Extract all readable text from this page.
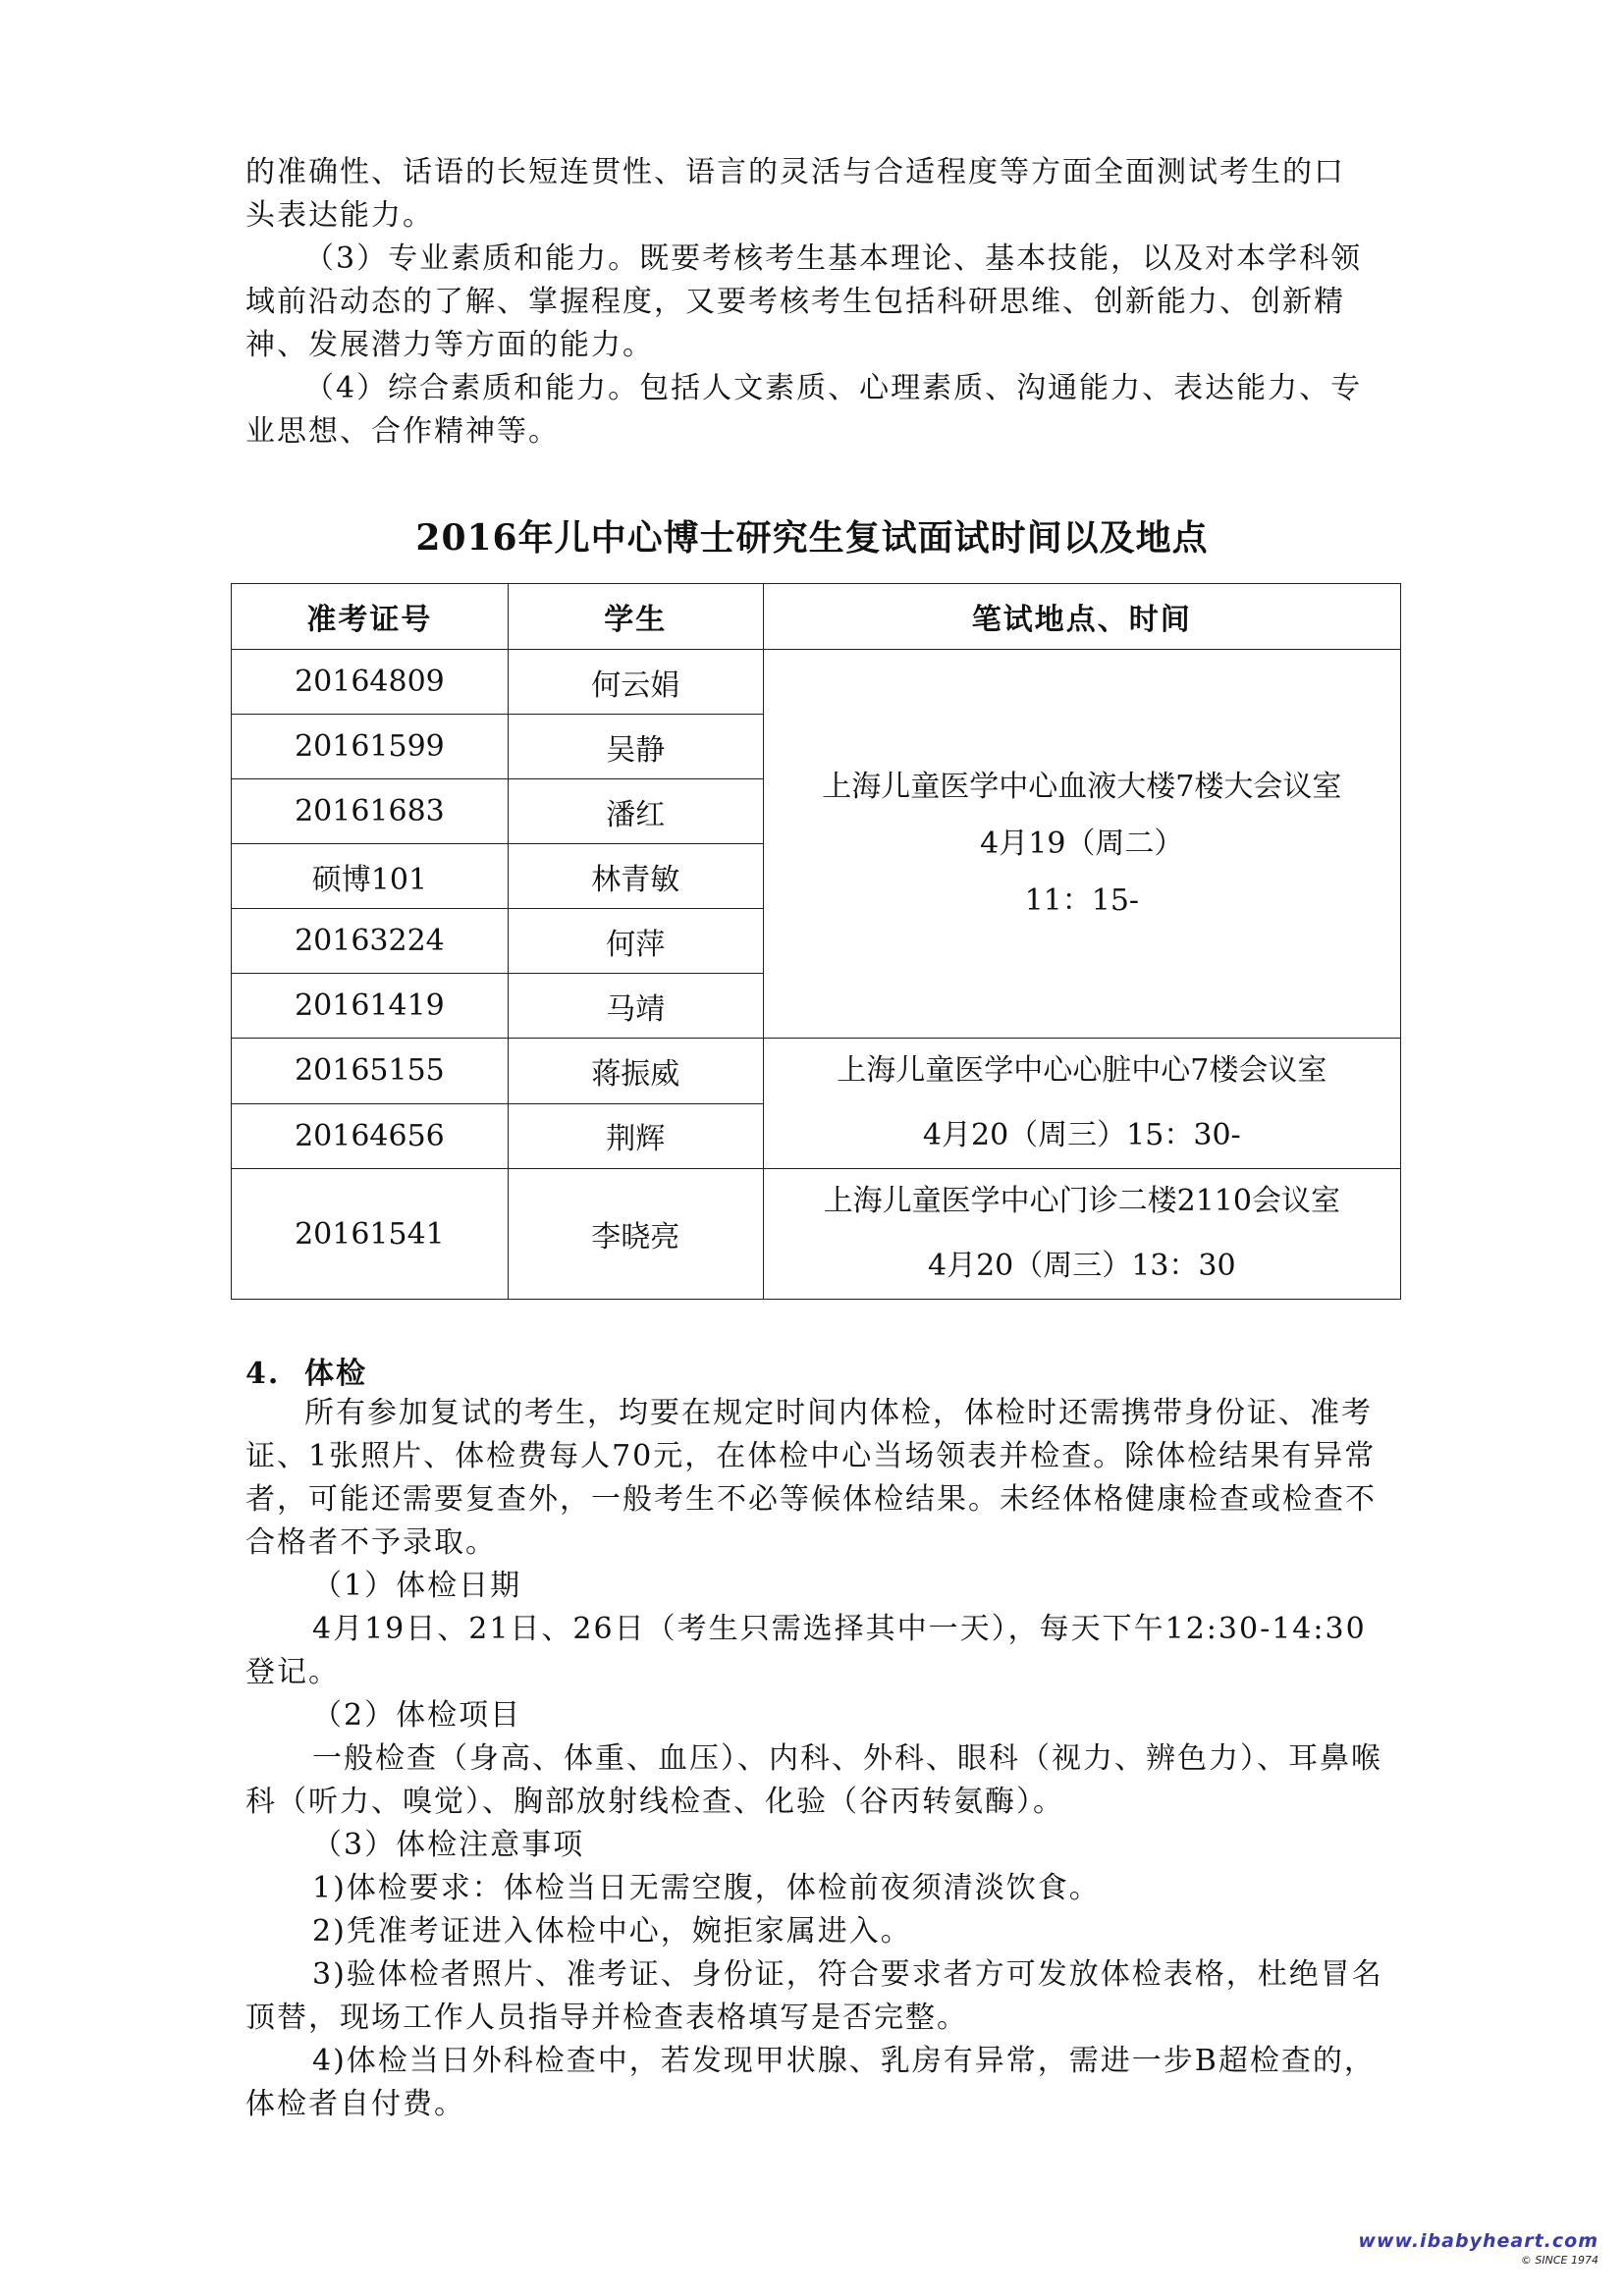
的准确性、话语的长短连贯性、语言的灵活与合适程度等方面全面测试考生的口

头表达能力。

（3）专业素质和能力。既要考核考生基本理论、基本技能，以及对本学科领域前沿动态的了解、掌握程度，又要考核考生包括科研思维、创新能力、创新精神、发展潜力等方面的能力。

（4）综合素质和能力。包括人文素质、心理素质、沟通能力、表达能力、专业思想、合作精神等。

2016年儿中心博士研究生复试面试时间以及地点
准考证号	学生	笔试地点、时间
20164809	何云娟	上海儿童医学中心血液大楼7楼大会议室
4月19（周二）
11：15-

20161599	吴静	
20161683	潘红	
硕博101	林青敏	
20163224	何萍	
20161419	马靖	
20165155	蒋振威	上海儿童医学中心心脏中心7楼会议室
4月20（周三）15：30-

20164656	荆辉	
20161541	李晓亮	上海儿童医学中心门诊二楼2110会议室
4月20（周三）13：30
4. 体检

所有参加复试的考生，均要在规定时间内体检，体检时还需携带身份证、准考证、1张照片、体检费每人70元，在体检中心当场领表并检查。除体检结果有异常者，可能还需要复查外，一般考生不必等候体检结果。未经体格健康检查或检查不合格者不予录取。

（1）体检日期

4月19日、21日、26日（考生只需选择其中一天），每天下午12:30-14:30登记。

（2）体检项目

一般检查（身高、体重、血压）、内科、外科、眼科（视力、辨色力）、耳鼻喉科（听力、嗅觉）、胸部放射线检查、化验（谷丙转氨酶）。

（3）体检注意事项

1)体检要求：体检当日无需空腹，体检前夜须清淡饮食。

2)凭准考证进入体检中心，婉拒家属进入。

3)验体检者照片、准考证、身份证，符合要求者方可发放体检表格，杜绝冒名顶替，现场工作人员指导并检查表格填写是否完整。

4)体检当日外科检查中，若发现甲状腺、乳房有异常，需进一步B超检查的，体检者自付费。

www.ibabyheart.com
© SINCE 1974
